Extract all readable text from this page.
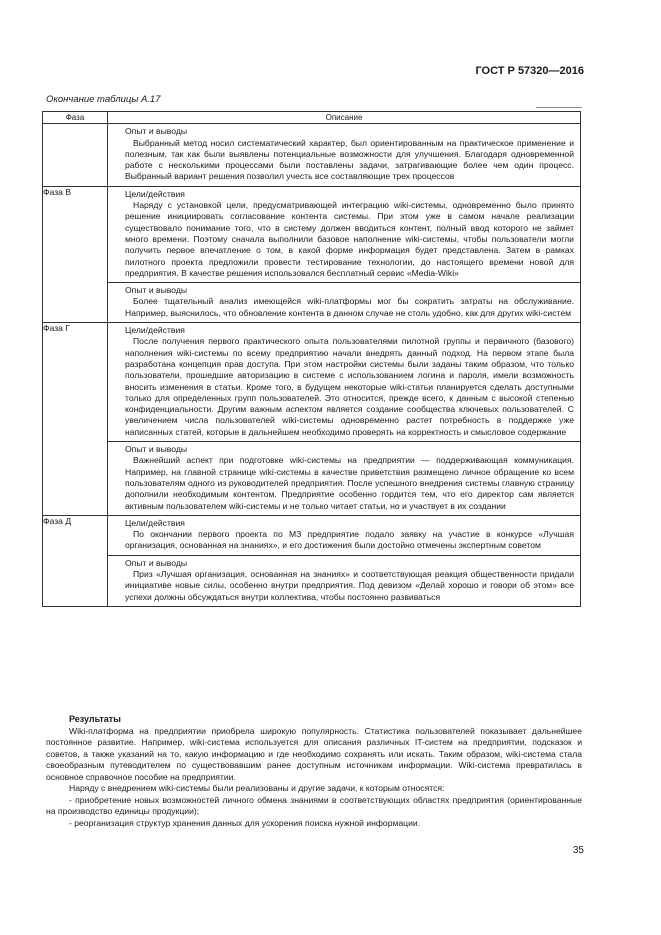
ГОСТ Р 57320—2016
Окончание таблицы А.17
Фаза	Описание

	Опыт и выводы

Выбранный метод носил систематический характер, был ориентированным на практическое применение и полезным, так как были выявлены потенциальные возможности для улучшения. Благодаря одновременной работе с несколькими процессами были поставлены задачи, затрагивающие более чем один процесс. Выбранный вариант решения позволил учесть все составляющие трех процессов

Фаза В	Цели/действия

Наряду с установкой цели, предусматривающей интеграцию wiki-системы, одновременно было принято решение инициировать согласование контента системы. При этом уже в самом начале реализации существовало понимание того, что в систему должен вводиться контент, полный ввод которого не займет много времени. Поэтому сначала выполнили базовое наполнение wiki-системы, чтобы пользователи могли получить первое впечатление о том, в какой форме информация будет представлена. Затем в рамках пилотного проекта предложили провести тестирование технологии, до настоящего времени новой для предприятия. В качестве решения использовался бесплатный сервис «Media-Wiki»

Опыт и выводы

Более тщательный анализ имеющейся wiki-платформы мог бы сократить затраты на обслуживание. Например, выяснилось, что обновление контента в данном случае не столь удобно, как для других wiki-систем

Фаза Г	Цели/действия

После получения первого практического опыта пользователями пилотной группы и первичного (базового) наполнения wiki-системы по всему предприятию начали внедрять данный подход. На первом этапе была разработана концепция прав доступа. При этом настройки системы были заданы таким образом, что только пользователи, прошедшие авторизацию в системе с использованием логина и пароля, имели возможность вносить изменения в статьи. Кроме того, в будущем некоторые wiki-статьи планируется сделать доступными только для определенных групп пользователей. Это относится, прежде всего, к данным с высокой степенью конфиденциальности. Другим важным аспектом является создание сообщества ключевых пользователей. С увеличением числа пользователей wiki-системы одновременно растет потребность в поддержке уже написанных статей, которые в дальнейшем необходимо проверять на корректность и смысловое содержание

Опыт и выводы

Важнейший аспект при подготовке wiki-системы на предприятии — поддерживающая коммуникация. Например, на главной странице wiki-системы в качестве приветствия размещено личное обращение ко всем пользователям одного из руководителей предприятия. После успешного внедрения системы главную страницу дополнили необходимым контентом. Предприятие особенно гордится тем, что его директор сам является активным пользователем wiki-системы и не только читает статьи, но и участвует в их создании

Фаза Д	Цели/действия

По окончании первого проекта по МЗ предприятие подало заявку на участие в конкурсе «Лучшая организация, основанная на знаниях», и его достижения были достойно отмечены экспертным советом

Опыт и выводы

Приз «Лучшая организация, основанная на знаниях» и соответствующая реакция общественности придали инициативе новые силы, особенно внутри предприятия. Под девизом «Делай хорошо и говори об этом» все успехи должны обсуждаться внутри коллектива, чтобы постоянно развиваться

Результаты

Wiki-платформа на предприятии приобрела широкую популярность. Статистика пользователей показывает дальнейшее постоянное развитие. Например, wiki-система используется для описания различных IT-систем на предприятии, подсказок и советов, а также указаний на то, какую информацию и где необходимо сохранять или искать. Таким образом, wiki-система стала своеобразным путеводителем по существовавшим ранее доступным источникам информации. Wiki-система превратилась в основное справочное пособие на предприятии.

Наряду с внедрением wiki-системы были реализованы и другие задачи, к которым относятся:

- приобретение новых возможностей личного обмена знаниями в соответствующих областях предприятия (ориентированные на производство единицы продукции);

- реорганизация структур хранения данных для ускорения поиска нужной информации.

35
